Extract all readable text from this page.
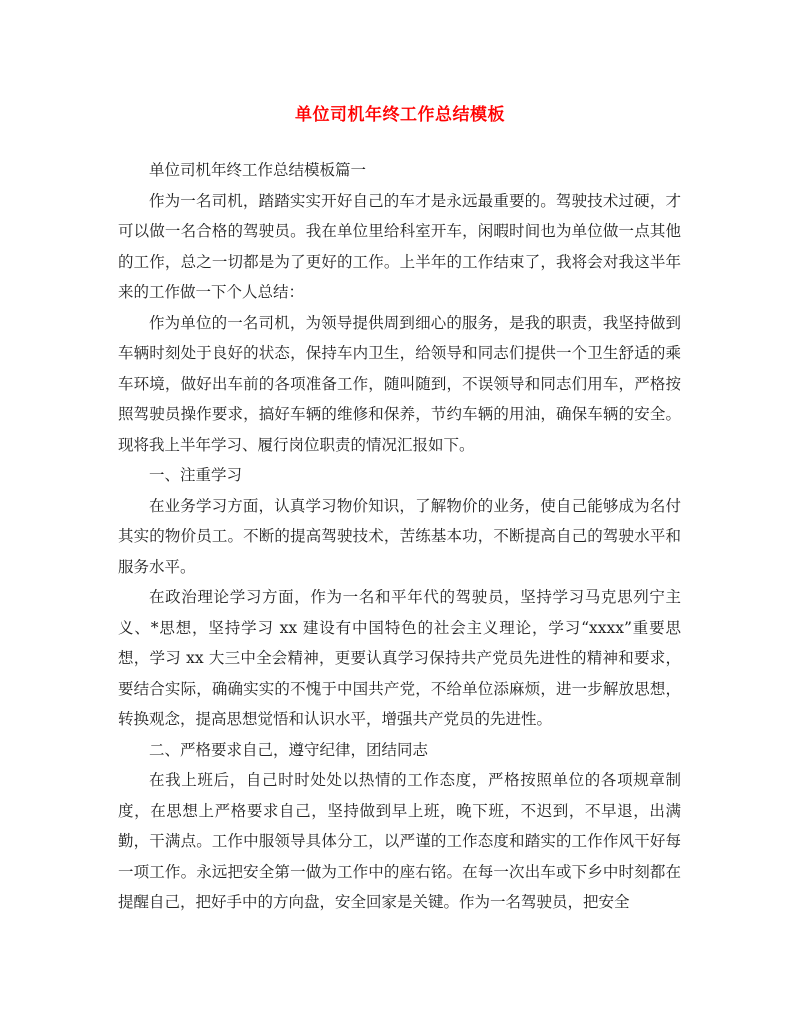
单位司机年终工作总结模板

单位司机年终工作总结模板篇一

作为一名司机，踏踏实实开好自己的车才是永远最重要的。驾驶技术过硬，才可以做一名合格的驾驶员。我在单位里给科室开车，闲暇时间也为单位做一点其他的工作，总之一切都是为了更好的工作。上半年的工作结束了，我将会对我这半年来的工作做一下个人总结：

作为单位的一名司机，为领导提供周到细心的服务，是我的职责，我坚持做到车辆时刻处于良好的状态，保持车内卫生，给领导和同志们提供一个卫生舒适的乘车环境，做好出车前的各项准备工作，随叫随到，不误领导和同志们用车，严格按照驾驶员操作要求，搞好车辆的维修和保养，节约车辆的用油，确保车辆的安全。现将我上半年学习、履行岗位职责的情况汇报如下。

一、注重学习

在业务学习方面，认真学习物价知识，了解物价的业务，使自己能够成为名付其实的物价员工。不断的提高驾驶技术，苦练基本功，不断提高自己的驾驶水平和服务水平。

在政治理论学习方面，作为一名和平年代的驾驶员，坚持学习马克思列宁主义、*思想，坚持学习 xx 建设有中国特色的社会主义理论，学习“xxxx”重要思想，学习 xx 大三中全会精神，更要认真学习保持共产党员先进性的精神和要求，要结合实际，确确实实的不愧于中国共产党，不给单位添麻烦，进一步解放思想，转换观念，提高思想觉悟和认识水平，增强共产党员的先进性。

二、严格要求自己，遵守纪律，团结同志

在我上班后，自己时时处处以热情的工作态度，严格按照单位的各项规章制度，在思想上严格要求自己，坚持做到早上班，晚下班，不迟到，不早退，出满勤，干满点。工作中服领导具体分工，以严谨的工作态度和踏实的工作作风干好每一项工作。永远把安全第一做为工作中的座右铭。在每一次出车或下乡中时刻都在提醒自己，把好手中的方向盘，安全回家是关键。作为一名驾驶员，把安全
